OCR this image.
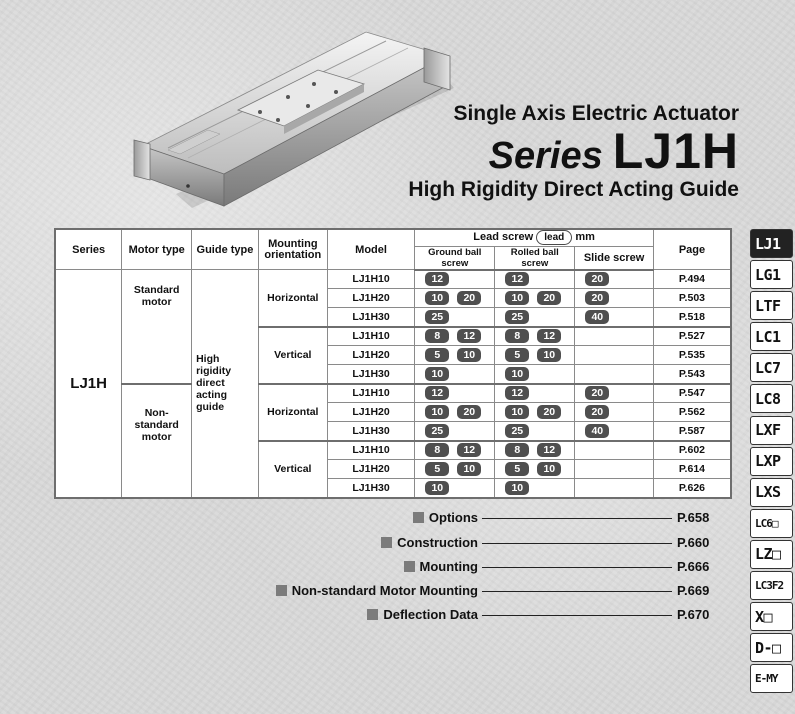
Single Axis Electric Actuator
Series LJ1H
High Rigidity Direct Acting Guide
Series	Motor type	Guide type	Mounting orientation	Model	Lead screw lead mm			Page
					Ground ball screw	Rolled ball screw	Slide screw	
LJ1H	Standard motor	High rigidity direct acting guide	Horizontal	LJ1H10	12	12	20	P.494
				LJ1H20	10 20	10 20	20	P.503
				LJ1H30	25	25	40	P.518
			Vertical	LJ1H10	8 12	8 12		P.527
				LJ1H20	5 10	5 10		P.535
				LJ1H30	10	10		P.543
	Non-standard motor		Horizontal	LJ1H10	12	12	20	P.547
				LJ1H20	10 20	10 20	20	P.562
				LJ1H30	25	25	40	P.587
			Vertical	LJ1H10	8 12	8 12		P.602
				LJ1H20	5 10	5 10		P.614
				LJ1H30	10	10		P.626
Options	P.658
Construction	P.660
Mounting	P.666
Non-standard Motor Mounting	P.669
Deflection Data	P.670
LJ1
LG1
LTF
LC1
LC7
LC8
LXF
LXP
LXS
LC6□
LZ□
LC3F2
X□
D-□
E-MY
